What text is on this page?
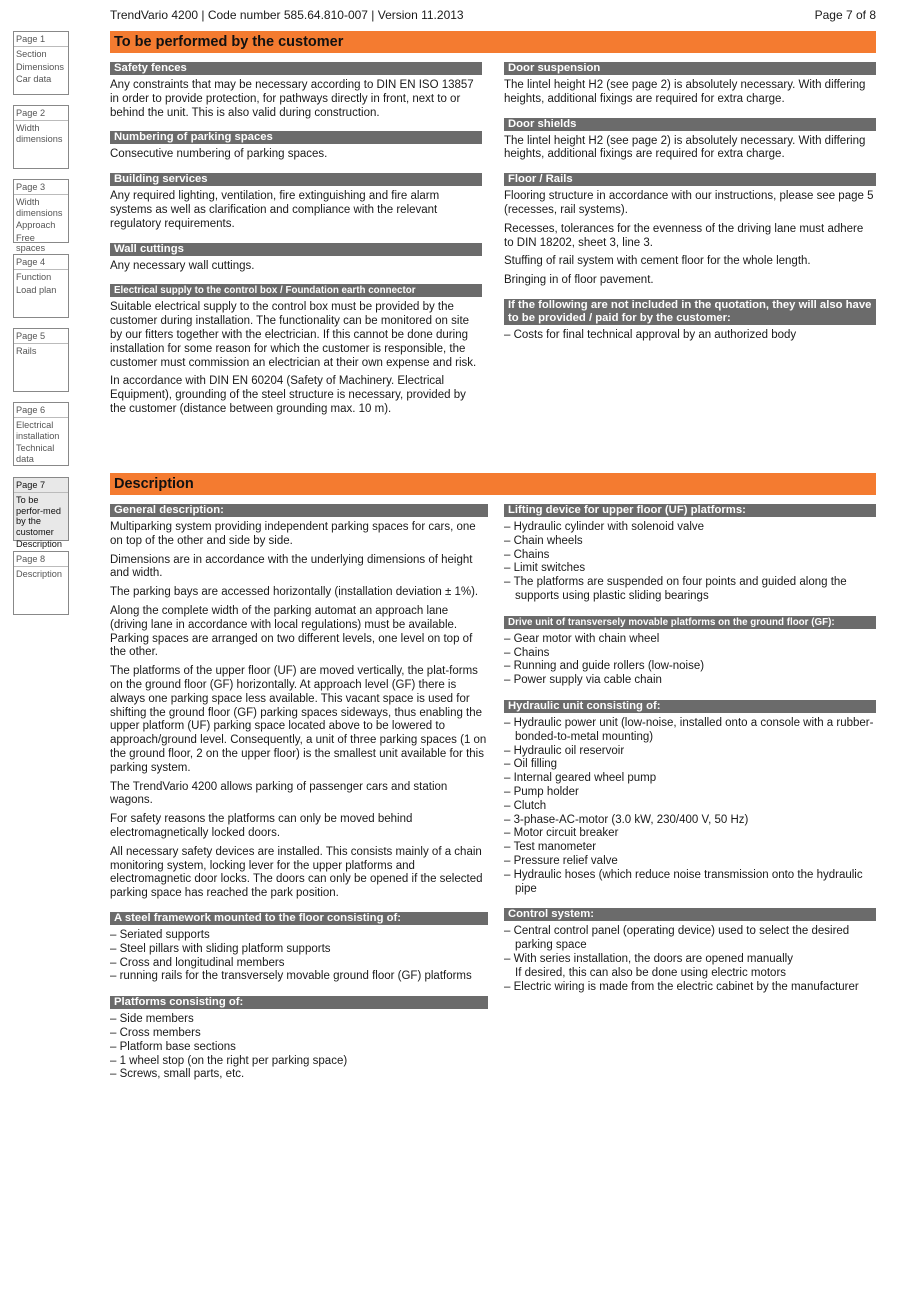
TrendVario 4200 | Code number 585.64.810-007 | Version 11.2013	Page 7 of 8
Page 1
Section
Dimensions
Car data
Page 2
Width dimensions
Page 3
Width dimensions
Approach
Free spaces
Page 4
Function
Load plan
Page 5
Rails
Page 6
Electrical installation
Technical data
Page 7
To be perfor-med by the customer
Description
Page 8
Description
To be performed by the customer
Safety fences

Any constraints that may be necessary according to DIN EN ISO 13857 in order to provide protection, for pathways directly in front, next to or behind the unit. This is also valid during construction.

Numbering of parking spaces

Consecutive numbering of parking spaces.

Building services

Any required lighting, ventilation, fire extinguishing and fire alarm systems as well as clarification and compliance with the relevant regulatory requirements.

Wall cuttings

Any necessary wall cuttings.

Electrical supply to the control box / Foundation earth connector

Suitable electrical supply to the control box must be provided by the customer during installation. The functionality can be monitored on site by our fitters together with the electrician. If this cannot be done during installation for some reason for which the customer is responsible, the customer must commission an electrician at their own expense and risk.

In accordance with DIN EN 60204 (Safety of Machinery. Electrical Equipment), grounding of the steel structure is necessary, provided by the customer (distance between grounding max. 10 m).

Door suspension

The lintel height H2 (see page 2) is absolutely necessary. With differing heights, additional fixings are required for extra charge.

Door shields

The lintel height H2 (see page 2) is absolutely necessary. With differing heights, additional fixings are required for extra charge.

Floor / Rails

Flooring structure in accordance with our instructions, please see page 5 (recesses, rail systems).

Recesses, tolerances for the evenness of the driving lane must adhere to DIN 18202, sheet 3, line 3.

Stuffing of rail system with cement floor for the whole length.

Bringing in of floor pavement.

If the following are not included in the quotation, they will also have to be provided / paid for by the customer:
– Costs for final technical approval by an authorized body
Description
General description:

Multiparking system providing independent parking spaces for cars, one on top of the other and side by side.

Dimensions are in accordance with the underlying dimensions of height and width.

The parking bays are accessed horizontally (installation deviation ± 1%).

Along the complete width of the parking automat an approach lane (driving lane in accordance with local regulations) must be available. Parking spaces are arranged on two different levels, one level on top of the other.

The platforms of the upper floor (UF) are moved vertically, the plat-forms on the ground floor (GF) horizontally. At approach level (GF) there is always one parking space less available. This vacant space is used for shifting the ground floor (GF) parking spaces sideways, thus enabling the upper platform (UF) parking space located above to be lowered to approach/ground level. Consequently, a unit of three parking spaces (1 on the ground floor, 2 on the upper floor) is the smallest unit available for this parking system.

The TrendVario 4200 allows parking of passenger cars and station wagons.

For safety reasons the platforms can only be moved behind electromagnetically locked doors.

All necessary safety devices are installed. This consists mainly of a chain monitoring system, locking lever for the upper platforms and electromagnetic door locks. The doors can only be opened if the selected parking space has reached the park position.

A steel framework mounted to the floor consisting of:
– Seriated supports
– Steel pillars with sliding platform supports
– Cross and longitudinal members
– running rails for the transversely movable ground floor (GF) platforms
Platforms consisting of:
– Side members
– Cross members
– Platform base sections
– 1 wheel stop (on the right per parking space)
– Screws, small parts, etc.
Lifting device for upper floor (UF) platforms:
– Hydraulic cylinder with solenoid valve
– Chain wheels
– Chains
– Limit switches
– The platforms are suspended on four points and guided along the supports using plastic sliding bearings
Drive unit of transversely movable platforms on the ground floor (GF):
– Gear motor with chain wheel
– Chains
– Running and guide rollers (low-noise)
– Power supply via cable chain
Hydraulic unit consisting of:
– Hydraulic power unit (low-noise, installed onto a console with a rubber-bonded-to-metal mounting)
– Hydraulic oil reservoir
– Oil filling
– Internal geared wheel pump
– Pump holder
– Clutch
– 3-phase-AC-motor (3.0 kW, 230/400 V, 50 Hz)
– Motor circuit breaker
– Test manometer
– Pressure relief valve
– Hydraulic hoses (which reduce noise transmission onto the hydraulic pipe
Control system:
– Central control panel (operating device) used to select the desired parking space
– With series installation, the doors are opened manually
If desired, this can also be done using electric motors
– Electric wiring is made from the electric cabinet by the manufacturer
